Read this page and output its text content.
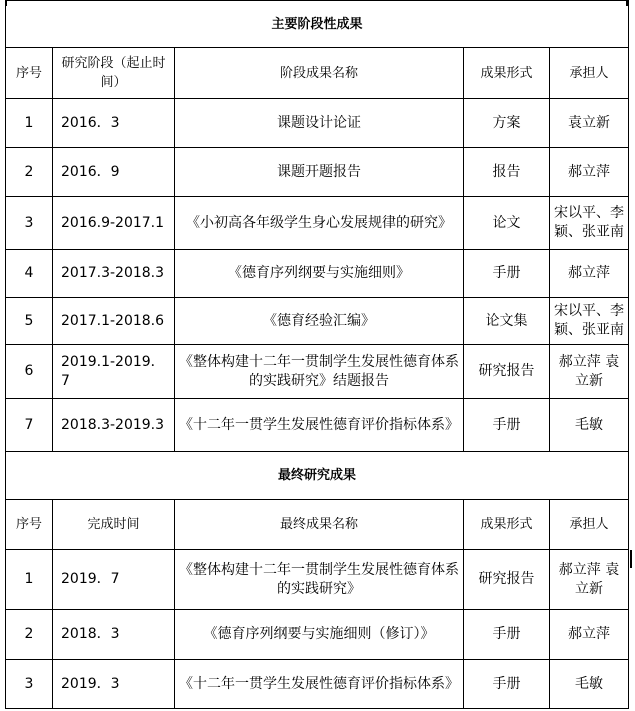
主要阶段性成果				
序号	研究阶段（起止时间）	阶段成果名称	成果形式	承担人
1	2016．3	课题设计论证	方案	袁立新
2	2016．9	课题开题报告	报告	郝立萍
3	2016.9-2017.1	《小初高各年级学生身心发展规律的研究》	论文	宋以平、李颖、张亚南
4	2017.3-2018.3	《德育序列纲要与实施细则》	手册	郝立萍
5	2017.1-2018.6	《德育经验汇编》	论文集	宋以平、李颖、张亚南
6	2019.1-2019．7	《整体构建十二年一贯制学生发展性德育体系的实践研究》结题报告	研究报告	郝立萍 袁立新
7	2018.3-2019.3	《十二年一贯学生发展性德育评价指标体系》	手册	毛敏
最终研究成果				
序号	完成时间	最终成果名称	成果形式	承担人
1	2019．7	《整体构建十二年一贯制学生发展性德育体系的实践研究》	研究报告	郝立萍 袁立新
2	2018．3	《德育序列纲要与实施细则（修订）》	手册	郝立萍
3	2019．3	《十二年一贯学生发展性德育评价指标体系》	手册	毛敏
